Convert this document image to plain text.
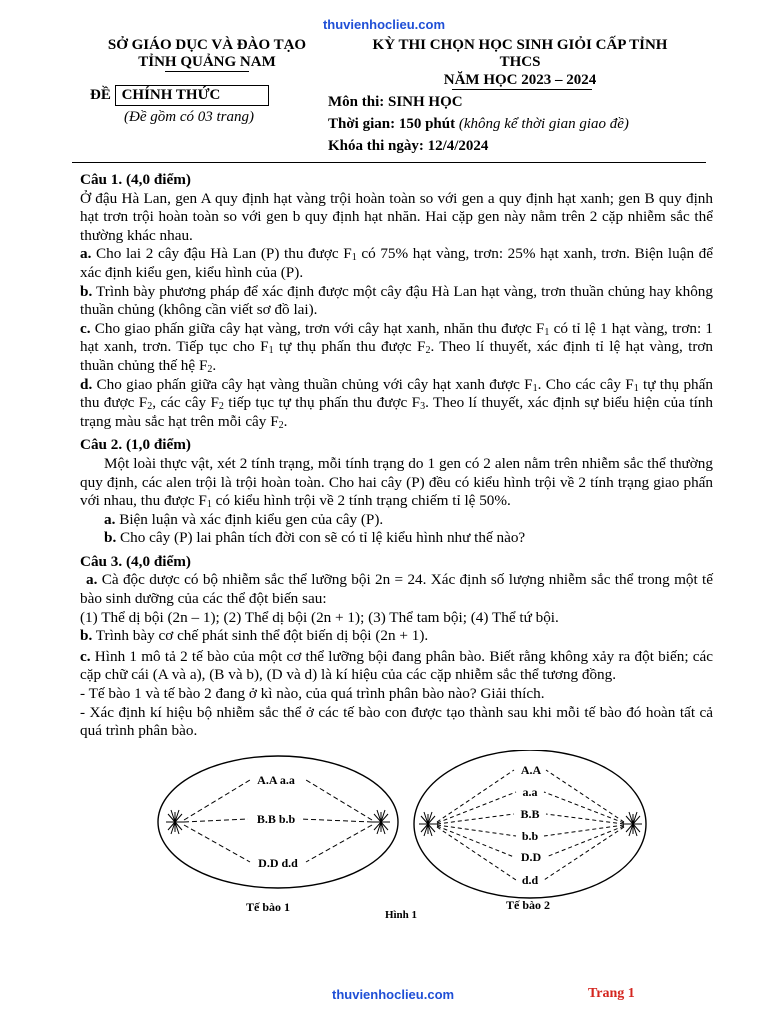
thuvienhoclieu.com
SỞ GIÁO DỤC VÀ ĐÀO TẠO
TỈNH QUẢNG NAM
ĐỀ CHÍNH THỨC
(Đề gồm có 03 trang)
KỲ THI CHỌN HỌC SINH GIỎI CẤP TỈNH
THCS
NĂM HỌC 2023 – 2024
Môn thi: SINH HỌC
Thời gian: 150 phút (không kể thời gian giao đề)
Khóa thi ngày: 12/4/2024

Câu 1. (4,0 điểm)

Ở đậu Hà Lan, gen A quy định hạt vàng trội hoàn toàn so với gen a quy định hạt xanh; gen B quy định hạt trơn trội hoàn toàn so với gen b quy định hạt nhăn. Hai cặp gen này nằm trên 2 cặp nhiễm sắc thể thường khác nhau.

a. Cho lai 2 cây đậu Hà Lan (P) thu được $F_1$ có 75% hạt vàng, trơn: 25% hạt xanh, trơn. Biện luận để xác định kiểu gen, kiểu hình của (P).

b. Trình bày phương pháp để xác định được một cây đậu Hà Lan hạt vàng, trơn thuần chủng hay không thuần chủng (không cần viết sơ đồ lai).

c. Cho giao phấn giữa cây hạt vàng, trơn với cây hạt xanh, nhăn thu được $F_1$ có tỉ lệ 1 hạt vàng, trơn: 1 hạt xanh, trơn. Tiếp tục cho $F_1$ tự thụ phấn thu được $F_2$. Theo lí thuyết, xác định tỉ lệ hạt vàng, trơn thuần chủng thế hệ $F_2$.

d. Cho giao phấn giữa cây hạt vàng thuần chủng với cây hạt xanh được $F_1$. Cho các cây $F_1$ tự thụ phấn thu được $F_2$, các cây $F_2$ tiếp tục tự thụ phấn thu được $F_3$. Theo lí thuyết, xác định sự biểu hiện của tính trạng màu sắc hạt trên mỗi cây $F_2$.

Câu 2. (1,0 điểm)

Một loài thực vật, xét 2 tính trạng, mỗi tính trạng do 1 gen có 2 alen nằm trên nhiễm sắc thể thường quy định, các alen trội là trội hoàn toàn. Cho hai cây (P) đều có kiểu hình trội về 2 tính trạng giao phấn với nhau, thu được $F_1$ có kiểu hình trội về 2 tính trạng chiếm tỉ lệ 50%.

a. Biện luận và xác định kiểu gen của cây (P).

b. Cho cây (P) lai phân tích đời con sẽ có tỉ lệ kiểu hình như thế nào?

Câu 3. (4,0 điểm)

a. Cà độc dược có bộ nhiễm sắc thể lưỡng bội 2n = 24. Xác định số lượng nhiễm sắc thể trong một tế bào sinh dưỡng của các thể đột biến sau:

(1) Thể dị bội (2n – 1); (2) Thể dị bội (2n + 1); (3) Thể tam bội; (4) Thể tứ bội.

b. Trình bày cơ chế phát sinh thể đột biến dị bội (2n + 1).

c. Hình 1 mô tả 2 tế bào của một cơ thể lưỡng bội đang phân bào. Biết rằng không xảy ra đột biến; các cặp chữ cái (A và a), (B và b), (D và d) là kí hiệu của các cặp nhiễm sắc thể tương đồng.

- Tế bào 1 và tế bào 2 đang ở kì nào, của quá trình phân bào nào? Giải thích.

- Xác định kí hiệu bộ nhiễm sắc thể ở các tế bào con được tạo thành sau khi mỗi tế bào đó hoàn tất cả quá trình phân bào.

A.A a.a
B.B b.b
D.D d.d
A.A
a.a
B.B
b.b
D.D
d.d
Tế bào 1	Tế bào 2
Hình 1
thuvienhoclieu.com	Trang 1
